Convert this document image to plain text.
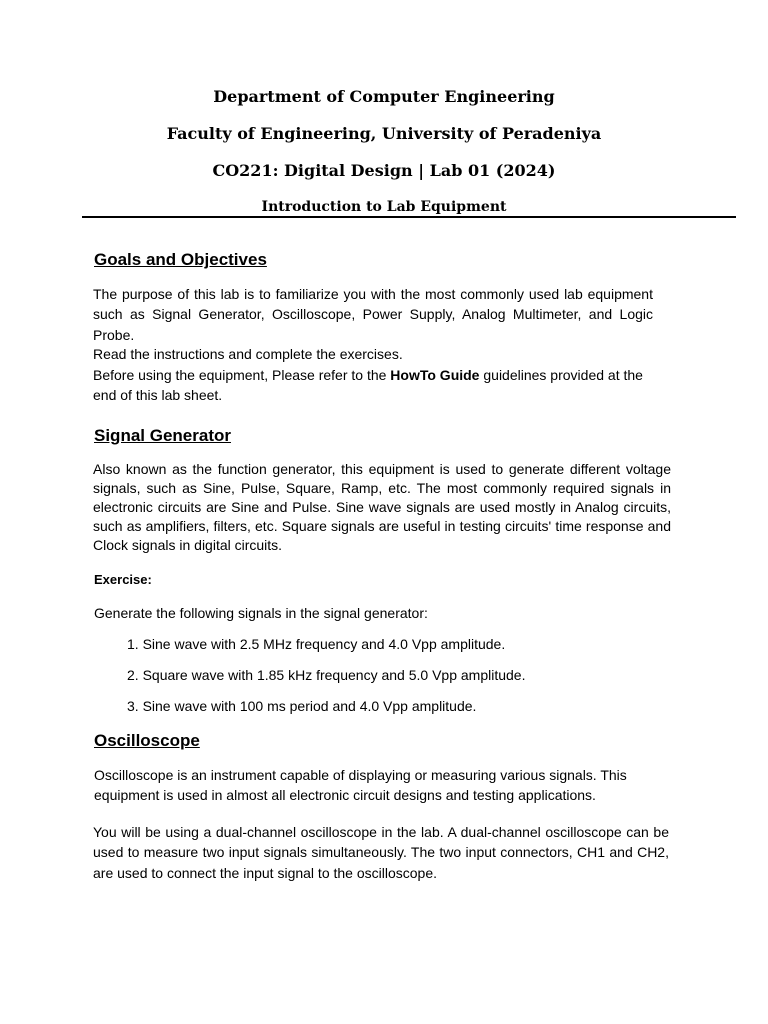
Department of Computer Engineering

Faculty of Engineering, University of Peradeniya

CO221: Digital Design | Lab 01 (2024)

Introduction to Lab Equipment

Goals and Objectives

The purpose of this lab is to familiarize you with the most commonly used lab equipment such as Signal Generator, Oscilloscope, Power Supply, Analog Multimeter, and Logic Probe.

Read the instructions and complete the exercises.

Before using the equipment, Please refer to the HowTo Guide guidelines provided at the end of this lab sheet.

Signal Generator

Also known as the function generator, this equipment is used to generate different voltage signals, such as Sine, Pulse, Square, Ramp, etc. The most commonly required signals in electronic circuits are Sine and Pulse. Sine wave signals are used mostly in Analog circuits, such as amplifiers, filters, etc. Square signals are useful in testing circuits' time response and Clock signals in digital circuits.

Exercise:

Generate the following signals in the signal generator:

1. Sine wave with 2.5 MHz frequency and 4.0 Vpp amplitude.

2. Square wave with 1.85 kHz frequency and 5.0 Vpp amplitude.

3. Sine wave with 100 ms period and 4.0 Vpp amplitude.

Oscilloscope

Oscilloscope is an instrument capable of displaying or measuring various signals. This equipment is used in almost all electronic circuit designs and testing applications.

You will be using a dual-channel oscilloscope in the lab. A dual-channel oscilloscope can be used to measure two input signals simultaneously. The two input connectors, CH1 and CH2, are used to connect the input signal to the oscilloscope.
